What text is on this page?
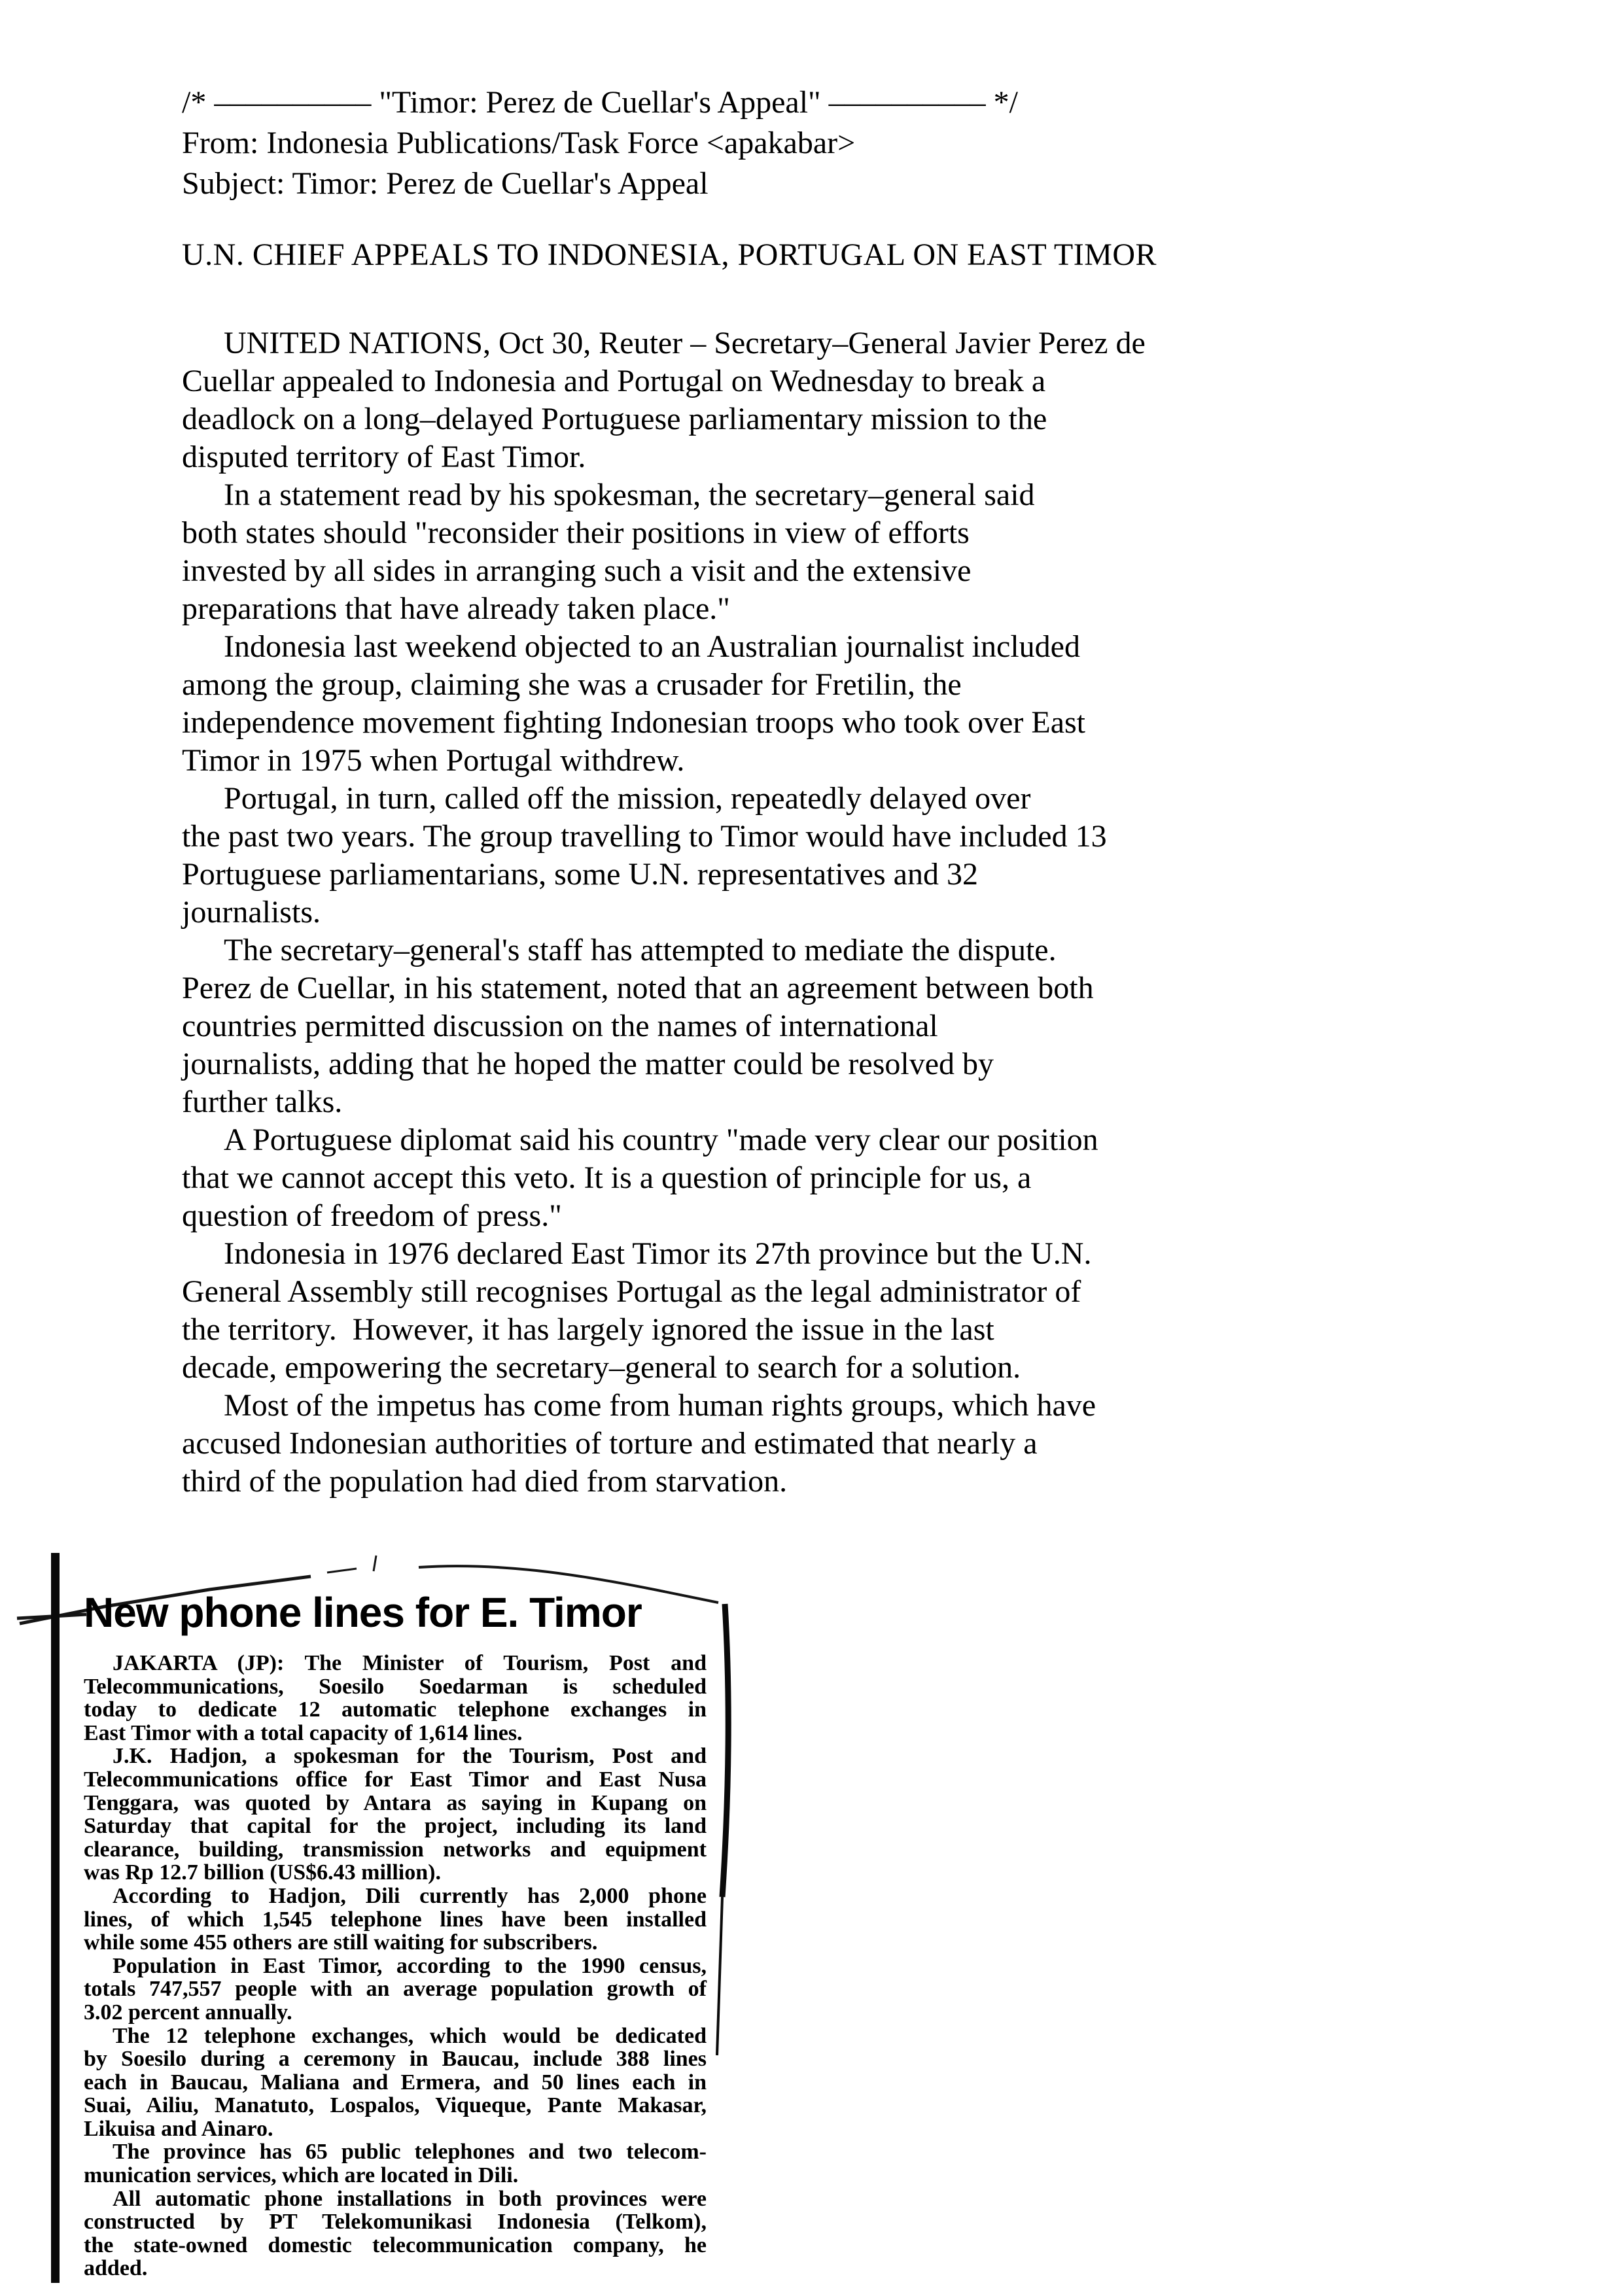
/* –––––––––– "Timor: Perez de Cuellar's Appeal" –––––––––– */
From: Indonesia Publications/Task Force <apakabar>
Subject: Timor: Perez de Cuellar's Appeal
U.N. CHIEF APPEALS TO INDONESIA, PORTUGAL ON EAST TIMOR
UNITED NATIONS, Oct 30, Reuter – Secretary–General Javier Perez de
Cuellar appealed to Indonesia and Portugal on Wednesday to break a
deadlock on a long–delayed Portuguese parliamentary mission to the
disputed territory of East Timor.
In a statement read by his spokesman, the secretary–general said
both states should "reconsider their positions in view of efforts
invested by all sides in arranging such a visit and the extensive
preparations that have already taken place."
Indonesia last weekend objected to an Australian journalist included
among the group, claiming she was a crusader for Fretilin, the
independence movement fighting Indonesian troops who took over East
Timor in 1975 when Portugal withdrew.
Portugal, in turn, called off the mission, repeatedly delayed over
the past two years. The group travelling to Timor would have included 13
Portuguese parliamentarians, some U.N. representatives and 32
journalists.
The secretary–general's staff has attempted to mediate the dispute.
Perez de Cuellar, in his statement, noted that an agreement between both
countries permitted discussion on the names of international
journalists, adding that he hoped the matter could be resolved by
further talks.
A Portuguese diplomat said his country "made very clear our position
that we cannot accept this veto. It is a question of principle for us, a
question of freedom of press."
Indonesia in 1976 declared East Timor its 27th province but the U.N.
General Assembly still recognises Portugal as the legal administrator of
the territory.  However, it has largely ignored the issue in the last
decade, empowering the secretary–general to search for a solution.
Most of the impetus has come from human rights groups, which have
accused Indonesian authorities of torture and estimated that nearly a
third of the population had died from starvation.
New phone lines for E. Timor
JAKARTA (JP): The Minister of Tourism, Post and
Telecommunications, Soesilo Soedarman is scheduled
today to dedicate 12 automatic telephone exchanges in
East Timor with a total capacity of 1,614 lines.
J.K. Hadjon, a spokesman for the Tourism, Post and
Telecommunications office for East Timor and East Nusa
Tenggara, was quoted by Antara as saying in Kupang on
Saturday that capital for the project, including its land
clearance, building, transmission networks and equipment
was Rp 12.7 billion (US$6.43 million).
According to Hadjon, Dili currently has 2,000 phone
lines, of which 1,545 telephone lines have been installed
while some 455 others are still waiting for subscribers.
Population in East Timor, according to the 1990 census,
totals 747,557 people with an average population growth of
3.02 percent annually.
The 12 telephone exchanges, which would be dedicated
by Soesilo during a ceremony in Baucau, include 388 lines
each in Baucau, Maliana and Ermera, and 50 lines each in
Suai, Ailiu, Manatuto, Lospalos, Viqueque, Pante Makasar,
Likuisa and Ainaro.
The province has 65 public telephones and two telecom-
munication services, which are located in Dili.
All automatic phone installations in both provinces were
constructed by PT Telekomunikasi Indonesia (Telkom),
the state-owned domestic telecommunication company, he
added.
